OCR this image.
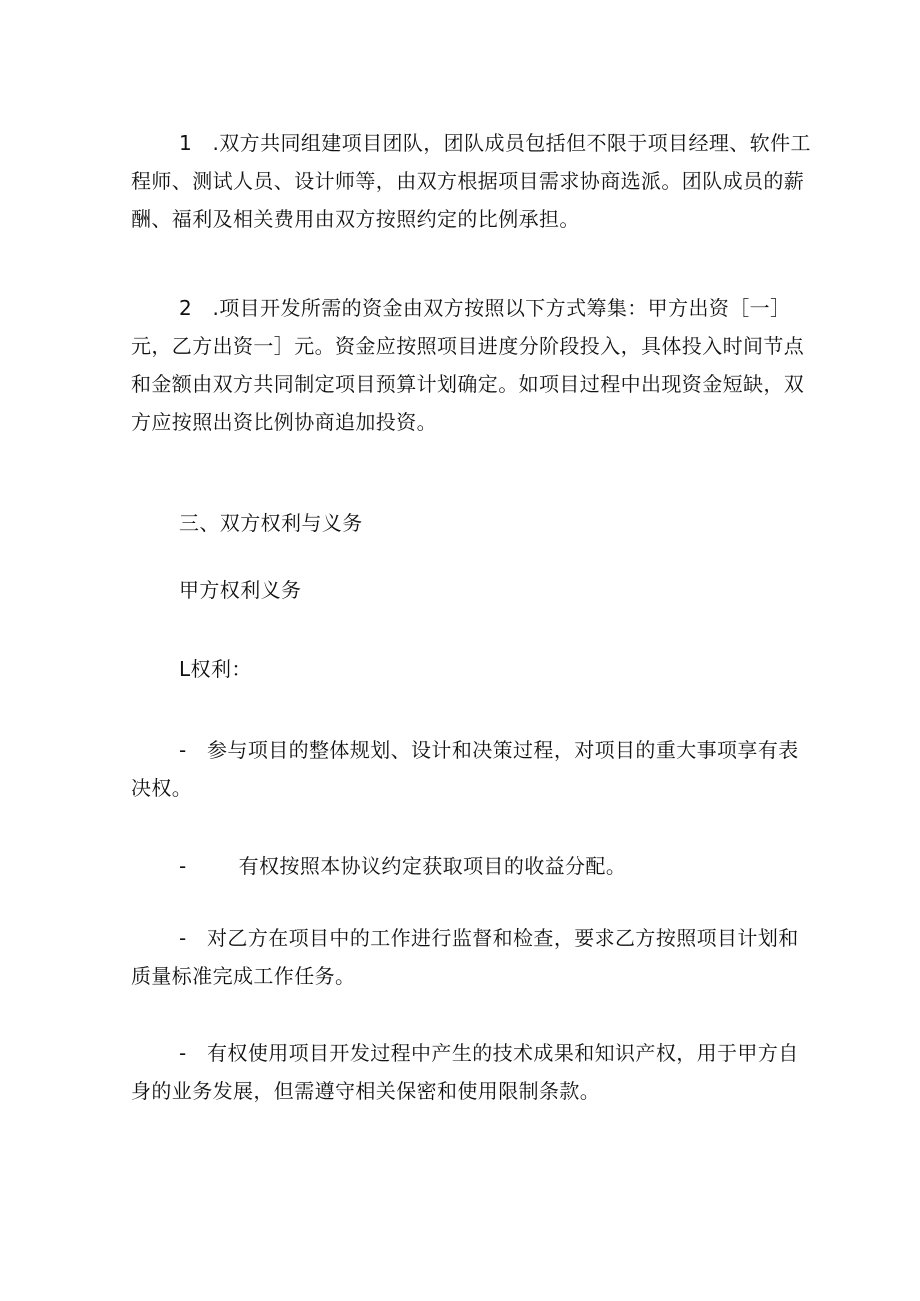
1　.双方共同组建项目团队，团队成员包括但不限于项目经理、软件工程师、测试人员、设计师等，由双方根据项目需求协商选派。团队成员的薪酬、福利及相关费用由双方按照约定的比例承担。

2　.项目开发所需的资金由双方按照以下方式筹集：甲方出资［一］元，乙方出资一］元。资金应按照项目进度分阶段投入，具体投入时间节点和金额由双方共同制定项目预算计划确定。如项目过程中出现资金短缺，双方应按照出资比例协商追加投资。

三、双方权利与义务

甲方权利义务

L权利：

-　参与项目的整体规划、设计和决策过程，对项目的重大事项享有表决权。

-	有权按照本协议约定获取项目的收益分配。

-　对乙方在项目中的工作进行监督和检查，要求乙方按照项目计划和质量标准完成工作任务。

-　有权使用项目开发过程中产生的技术成果和知识产权，用于甲方自身的业务发展，但需遵守相关保密和使用限制条款。
